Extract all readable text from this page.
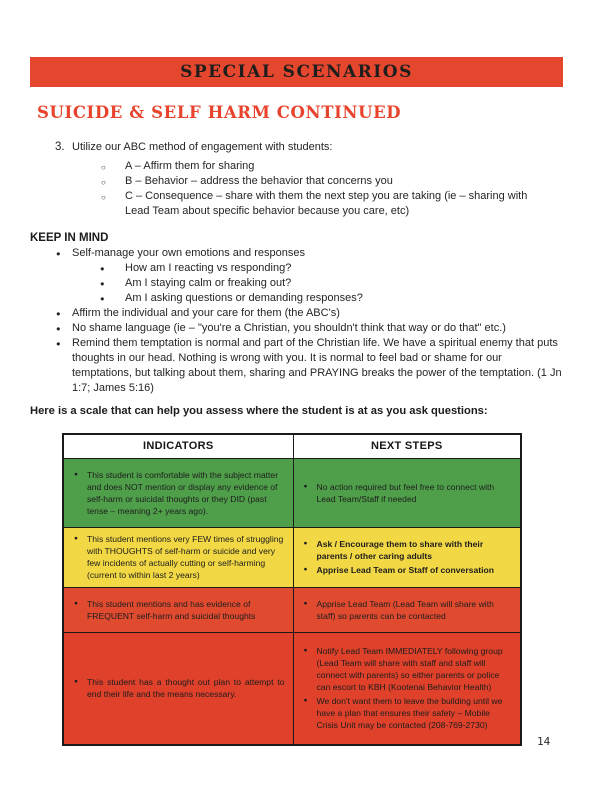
SPECIAL SCENARIOS
SUICIDE & SELF HARM CONTINUED
3. Utilize our ABC method of engagement with students:
○ A – Affirm them for sharing
○ B – Behavior – address the behavior that concerns you
○ C – Consequence – share with them the next step you are taking (ie – sharing with Lead Team about specific behavior because you care, etc)
KEEP IN MIND
● Self-manage your own emotions and responses
● How am I reacting vs responding?
● Am I staying calm or freaking out?
● Am I asking questions or demanding responses?
● Affirm the individual and your care for them (the ABC's)
● No shame language (ie – "you're a Christian, you shouldn't think that way or do that" etc.)
● Remind them temptation is normal and part of the Christian life. We have a spiritual enemy that puts thoughts in our head. Nothing is wrong with you. It is normal to feel bad or shame for our temptations, but talking about them, sharing and PRAYING breaks the power of the temptation. (1 Jn 1:7; James 5:16)
Here is a scale that can help you assess where the student is at as you ask questions:
INDICATORS	NEXT STEPS

● This student is comfortable with the subject matter and does NOT mention or display any evidence of self-harm or suicidal thoughts or they DID (past tense – meaning 2+ years ago).	● No action required but feel free to connect with Lead Team/Staff if needed

● This student mentions very FEW times of struggling with THOUGHTS of self-harm or suicide and very few incidents of actually cutting or self-harming (current to within last 2 years)	● Ask / Encourage them to share with their parents / other caring adults
● Apprise Lead Team or Staff of conversation

● This student mentions and has evidence of FREQUENT self-harm and suicidal thoughts	● Apprise Lead Team (Lead Team will share with staff) so parents can be contacted

● This student has a thought out plan to attempt to end their life and the means necessary.	● Notify Lead Team IMMEDIATELY following group (Lead Team will share with staff and staff will connect with parents) so either parents or police can escort to KBH (Kootenai Behavior Health)
● We don't want them to leave the building until we have a plan that ensures their safety – Mobile Crisis Unit may be contacted (208-769-2730)
14
